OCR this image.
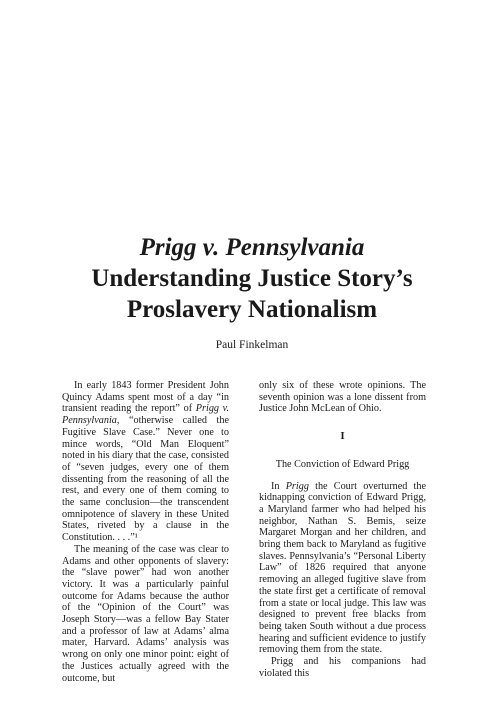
Prigg v. Pennsylvania
Understanding Justice Story’s
Proslavery Nationalism
Paul Finkelman

In early 1843 former President John Quincy Adams spent most of a day “in transient reading the report” of Prigg v. Pennsylvania, “otherwise called the Fugitive Slave Case.” Never one to mince words, “Old Man Eloquent” noted in his diary that the case, consisted of “seven judges, every one of them dissenting from the reasoning of all the rest, and every one of them coming to the same conclusion—the transcendent omnipotence of slavery in these United States, riveted by a clause in the Constitution. . . .”¹

The meaning of the case was clear to Adams and other opponents of slavery: the “slave power” had won another victory. It was a particularly painful outcome for Adams because the author of the “Opinion of the Court” was Joseph Story—was a fellow Bay Stater and a professor of law at Adams’ alma mater, Harvard. Adams’ analysis was wrong on only one minor point: eight of the Justices actually agreed with the outcome, but

only six of these wrote opinions. The seventh opinion was a lone dissent from Justice John McLean of Ohio.

I
The Conviction of Edward Prigg

In Prigg the Court overturned the kidnapping conviction of Edward Prigg, a Maryland farmer who had helped his neighbor, Nathan S. Bemis, seize Margaret Morgan and her children, and bring them back to Maryland as fugitive slaves. Pennsylvania’s “Personal Liberty Law” of 1826 required that anyone removing an alleged fugitive slave from the state first get a certificate of removal from a state or local judge. This law was designed to prevent free blacks from being taken South without a due process hearing and sufficient evidence to justify removing them from the state.

Prigg and his companions had violated this
